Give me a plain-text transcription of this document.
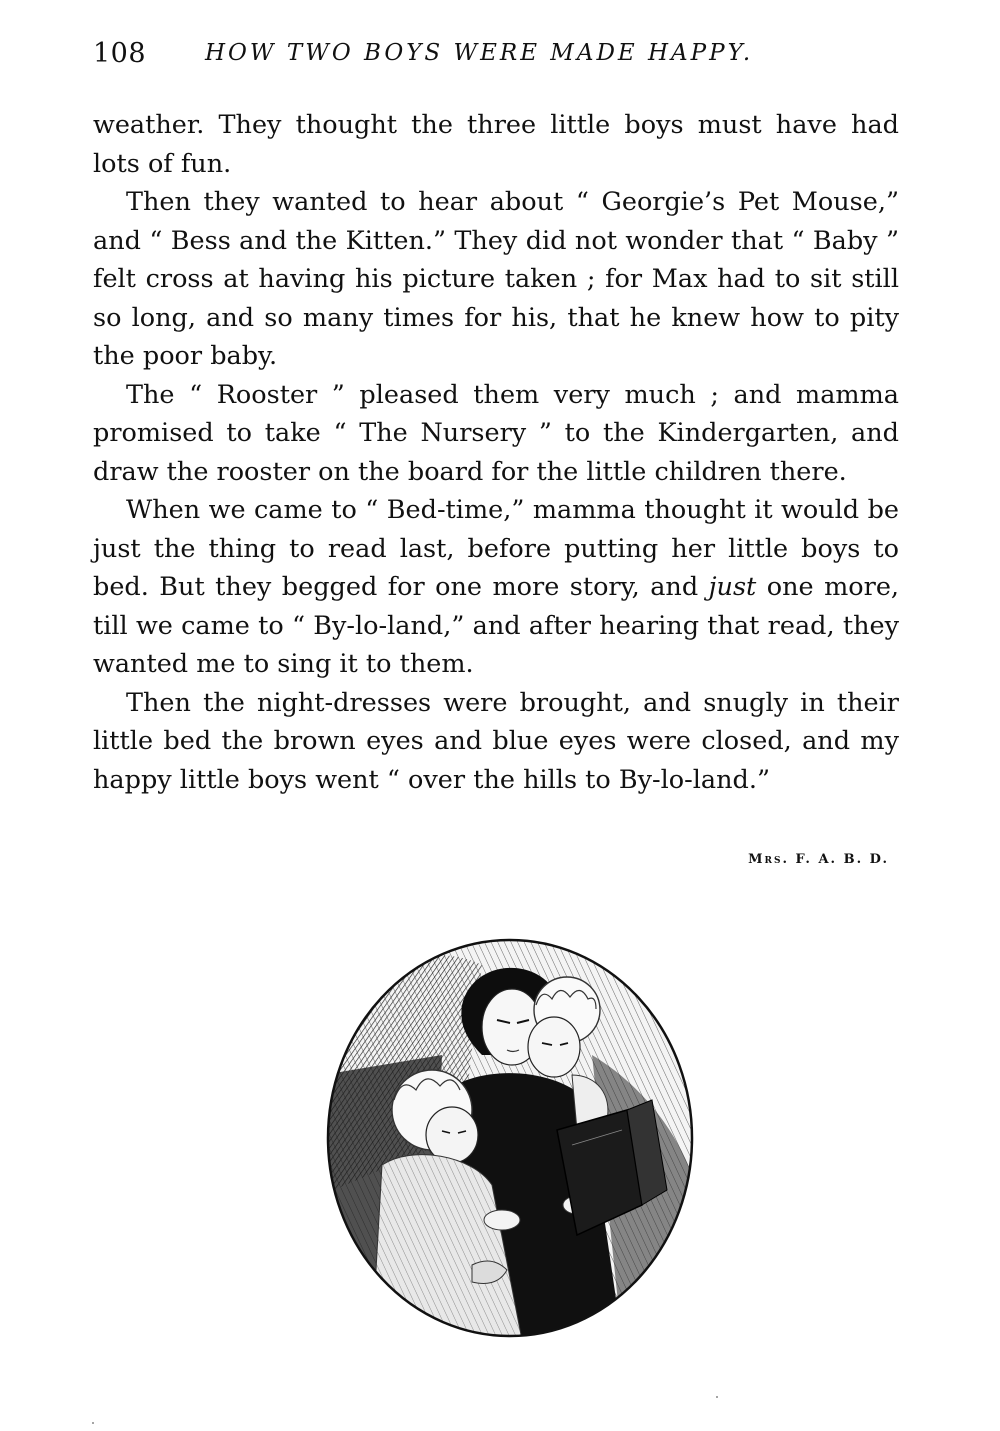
108	HOW TWO BOYS WERE MADE HAPPY.

weather. They thought the three little boys must have had lots of fun.

Then they wanted to hear about “ Georgie’s Pet Mouse,” and “ Bess and the Kitten.” They did not wonder that “ Baby ” felt cross at having his picture taken ; for Max had to sit still so long, and so many times for his, that he knew how to pity the poor baby.

The “ Rooster ” pleased them very much ; and mamma promised to take “ The Nursery ” to the Kindergarten, and draw the rooster on the board for the little children there.

When we came to “ Bed-time,” mamma thought it would be just the thing to read last, before putting her little boys to bed. But they begged for one more story, and just one more, till we came to “ By-lo-land,” and after hearing that read, they wanted me to sing it to them.

Then the night-dresses were brought, and snugly in their little bed the brown eyes and blue eyes were closed, and my happy little boys went “ over the hills to By-lo-land.”

Mrs. F. A. B. D.
